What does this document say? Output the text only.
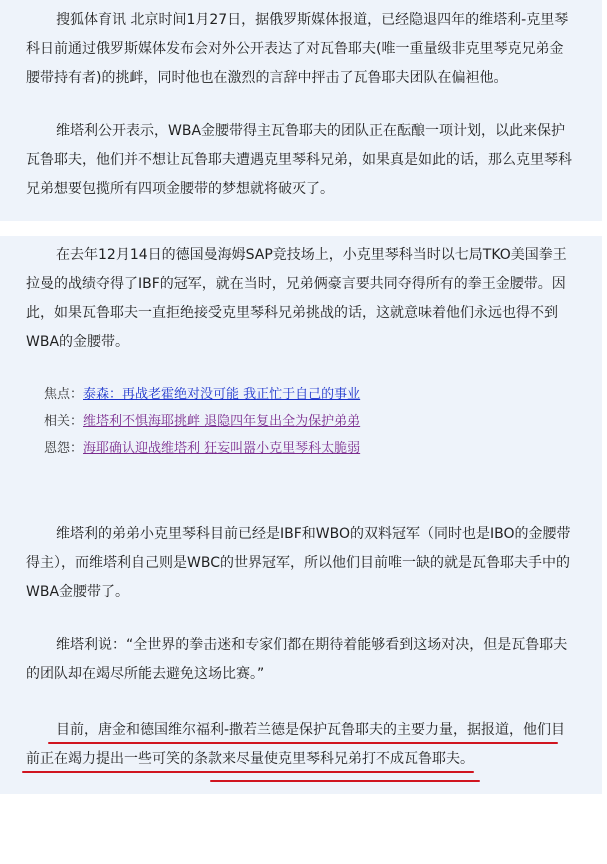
搜狐体育讯 北京时间1月27日，据俄罗斯媒体报道，已经隐退四年的维塔利-克里琴科日前通过俄罗斯媒体发布会对外公开表达了对瓦鲁耶夫(唯一重量级非克里琴克兄弟金腰带持有者)的挑衅，同时他也在激烈的言辞中抨击了瓦鲁耶夫团队在偏袒他。

维塔利公开表示，WBA金腰带得主瓦鲁耶夫的团队正在酝酿一项计划，以此来保护瓦鲁耶夫，他们并不想让瓦鲁耶夫遭遇克里琴科兄弟，如果真是如此的话，那么克里琴科兄弟想要包揽所有四项金腰带的梦想就将破灭了。

在去年12月14日的德国曼海姆SAP竞技场上，小克里琴科当时以七局TKO美国拳王拉曼的战绩夺得了IBF的冠军，就在当时，兄弟俩豪言要共同夺得所有的拳王金腰带。因此，如果瓦鲁耶夫一直拒绝接受克里琴科兄弟挑战的话，这就意味着他们永远也得不到WBA的金腰带。

焦点：泰森：再战老霍绝对没可能 我正忙于自己的事业
相关：维塔利不惧海耶挑衅 退隐四年复出全为保护弟弟
恩怨：海耶确认迎战维塔利 狂妄叫嚣小克里琴科太脆弱

维塔利的弟弟小克里琴科目前已经是IBF和WBO的双料冠军（同时也是IBO的金腰带得主），而维塔利自己则是WBC的世界冠军，所以他们目前唯一缺的就是瓦鲁耶夫手中的WBA金腰带了。

维塔利说：“全世界的拳击迷和专家们都在期待着能够看到这场对决，但是瓦鲁耶夫的团队却在竭尽所能去避免这场比赛。”

目前，唐金和德国维尔福利-撒若兰德是保护瓦鲁耶夫的主要力量，据报道，他们目前正在竭力提出一些可笑的条款来尽量使克里琴科兄弟打不成瓦鲁耶夫。
